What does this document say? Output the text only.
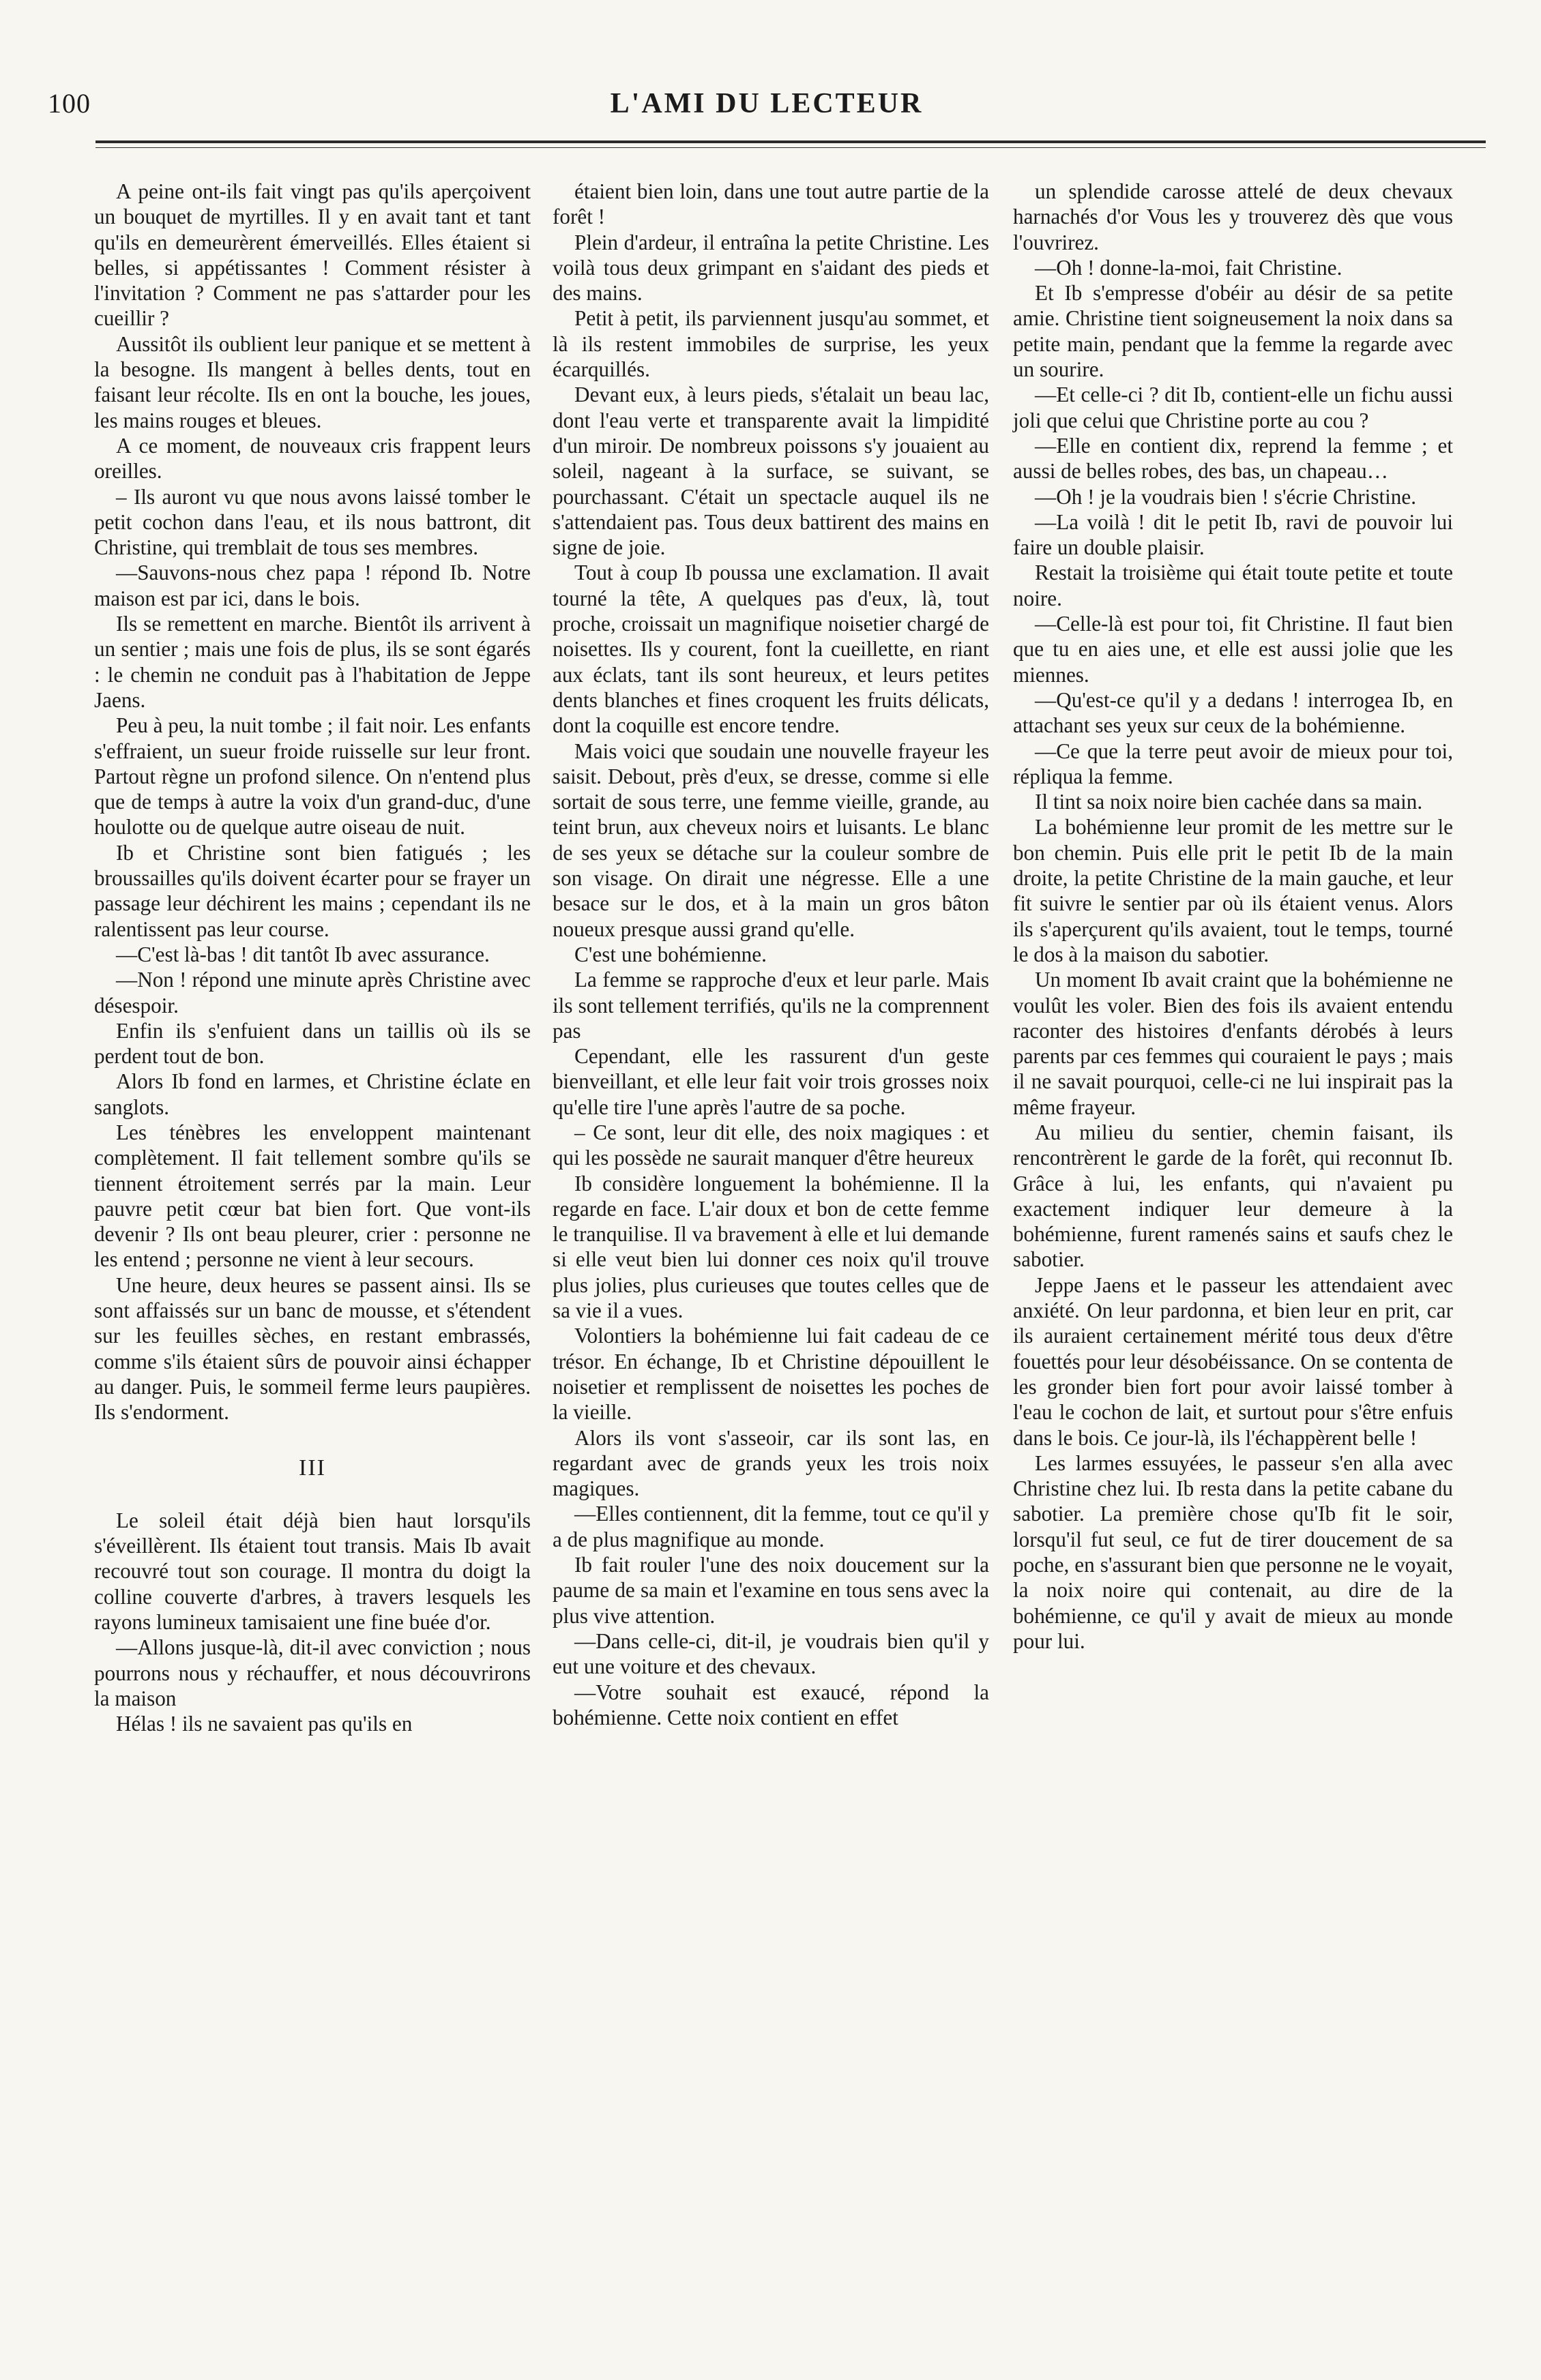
100	L'AMI DU LECTEUR

A peine ont-ils fait vingt pas qu'ils aperçoivent un bouquet de myrtilles. Il y en avait tant et tant qu'ils en demeurèrent émerveillés. Elles étaient si belles, si appétissantes ! Comment résister à l'invitation ? Comment ne pas s'attarder pour les cueillir ?

Aussitôt ils oublient leur panique et se mettent à la besogne. Ils mangent à belles dents, tout en faisant leur récolte. Ils en ont la bouche, les joues, les mains rouges et bleues.

A ce moment, de nouveaux cris frappent leurs oreilles.

– Ils auront vu que nous avons laissé tomber le petit cochon dans l'eau, et ils nous battront, dit Christine, qui tremblait de tous ses membres.

—Sauvons-nous chez papa ! répond Ib. Notre maison est par ici, dans le bois.

Ils se remettent en marche. Bientôt ils arrivent à un sentier ; mais une fois de plus, ils se sont égarés : le chemin ne conduit pas à l'habitation de Jeppe Jaens.

Peu à peu, la nuit tombe ; il fait noir. Les enfants s'effraient, un sueur froide ruisselle sur leur front. Partout règne un profond silence. On n'entend plus que de temps à autre la voix d'un grand-duc, d'une houlotte ou de quelque autre oiseau de nuit.

Ib et Christine sont bien fatigués ; les broussailles qu'ils doivent écarter pour se frayer un passage leur déchirent les mains ; cependant ils ne ralentissent pas leur course.

—C'est là-bas ! dit tantôt Ib avec assurance.

—Non ! répond une minute après Christine avec désespoir.

Enfin ils s'enfuient dans un taillis où ils se perdent tout de bon.

Alors Ib fond en larmes, et Christine éclate en sanglots.

Les ténèbres les enveloppent maintenant complètement. Il fait tellement sombre qu'ils se tiennent étroitement serrés par la main. Leur pauvre petit cœur bat bien fort. Que vont-ils devenir ? Ils ont beau pleurer, crier : personne ne les entend ; personne ne vient à leur secours.

Une heure, deux heures se passent ainsi. Ils se sont affaissés sur un banc de mousse, et s'étendent sur les feuilles sèches, en restant embrassés, comme s'ils étaient sûrs de pouvoir ainsi échapper au danger. Puis, le sommeil ferme leurs paupières. Ils s'endorment.

III

Le soleil était déjà bien haut lorsqu'ils s'éveillèrent. Ils étaient tout transis. Mais Ib avait recouvré tout son courage. Il montra du doigt la colline couverte d'arbres, à travers lesquels les rayons lumineux tamisaient une fine buée d'or.

—Allons jusque-là, dit-il avec conviction ; nous pourrons nous y réchauffer, et nous découvrirons la maison

Hélas ! ils ne savaient pas qu'ils en

étaient bien loin, dans une tout autre partie de la forêt !

Plein d'ardeur, il entraîna la petite Christine. Les voilà tous deux grimpant en s'aidant des pieds et des mains.

Petit à petit, ils parviennent jusqu'au sommet, et là ils restent immobiles de surprise, les yeux écarquillés.

Devant eux, à leurs pieds, s'étalait un beau lac, dont l'eau verte et transparente avait la limpidité d'un miroir. De nombreux poissons s'y jouaient au soleil, nageant à la surface, se suivant, se pourchassant. C'était un spectacle auquel ils ne s'attendaient pas. Tous deux battirent des mains en signe de joie.

Tout à coup Ib poussa une exclamation. Il avait tourné la tête, A quelques pas d'eux, là, tout proche, croissait un magnifique noisetier chargé de noisettes. Ils y courent, font la cueillette, en riant aux éclats, tant ils sont heureux, et leurs petites dents blanches et fines croquent les fruits délicats, dont la coquille est encore tendre.

Mais voici que soudain une nouvelle frayeur les saisit. Debout, près d'eux, se dresse, comme si elle sortait de sous terre, une femme vieille, grande, au teint brun, aux cheveux noirs et luisants. Le blanc de ses yeux se détache sur la couleur sombre de son visage. On dirait une négresse. Elle a une besace sur le dos, et à la main un gros bâton noueux presque aussi grand qu'elle.

C'est une bohémienne.

La femme se rapproche d'eux et leur parle. Mais ils sont tellement terrifiés, qu'ils ne la comprennent pas

Cependant, elle les rassurent d'un geste bienveillant, et elle leur fait voir trois grosses noix qu'elle tire l'une après l'autre de sa poche.

– Ce sont, leur dit elle, des noix magiques : et qui les possède ne saurait manquer d'être heureux

Ib considère longuement la bohémienne. Il la regarde en face. L'air doux et bon de cette femme le tranquilise. Il va bravement à elle et lui demande si elle veut bien lui donner ces noix qu'il trouve plus jolies, plus curieuses que toutes celles que de sa vie il a vues.

Volontiers la bohémienne lui fait cadeau de ce trésor. En échange, Ib et Christine dépouillent le noisetier et remplissent de noisettes les poches de la vieille.

Alors ils vont s'asseoir, car ils sont las, en regardant avec de grands yeux les trois noix magiques.

—Elles contiennent, dit la femme, tout ce qu'il y a de plus magnifique au monde.

Ib fait rouler l'une des noix doucement sur la paume de sa main et l'examine en tous sens avec la plus vive attention.

—Dans celle-ci, dit-il, je voudrais bien qu'il y eut une voiture et des chevaux.

—Votre souhait est exaucé, répond la bohémienne. Cette noix contient en effet

un splendide carosse attelé de deux chevaux harnachés d'or Vous les y trouverez dès que vous l'ouvrirez.

—Oh ! donne-la-moi, fait Christine.

Et Ib s'empresse d'obéir au désir de sa petite amie. Christine tient soigneusement la noix dans sa petite main, pendant que la femme la regarde avec un sourire.

—Et celle-ci ? dit Ib, contient-elle un fichu aussi joli que celui que Christine porte au cou ?

—Elle en contient dix, reprend la femme ; et aussi de belles robes, des bas, un chapeau…

—Oh ! je la voudrais bien ! s'écrie Christine.

—La voilà ! dit le petit Ib, ravi de pouvoir lui faire un double plaisir.

Restait la troisième qui était toute petite et toute noire.

—Celle-là est pour toi, fit Christine. Il faut bien que tu en aies une, et elle est aussi jolie que les miennes.

—Qu'est-ce qu'il y a dedans ! interrogea Ib, en attachant ses yeux sur ceux de la bohémienne.

—Ce que la terre peut avoir de mieux pour toi, répliqua la femme.

Il tint sa noix noire bien cachée dans sa main.

La bohémienne leur promit de les mettre sur le bon chemin. Puis elle prit le petit Ib de la main droite, la petite Christine de la main gauche, et leur fit suivre le sentier par où ils étaient venus. Alors ils s'aperçurent qu'ils avaient, tout le temps, tourné le dos à la maison du sabotier.

Un moment Ib avait craint que la bohémienne ne voulût les voler. Bien des fois ils avaient entendu raconter des histoires d'enfants dérobés à leurs parents par ces femmes qui couraient le pays ; mais il ne savait pourquoi, celle-ci ne lui inspirait pas la même frayeur.

Au milieu du sentier, chemin faisant, ils rencontrèrent le garde de la forêt, qui reconnut Ib. Grâce à lui, les enfants, qui n'avaient pu exactement indiquer leur demeure à la bohémienne, furent ramenés sains et saufs chez le sabotier.

Jeppe Jaens et le passeur les attendaient avec anxiété. On leur pardonna, et bien leur en prit, car ils auraient certainement mérité tous deux d'être fouettés pour leur désobéissance. On se contenta de les gronder bien fort pour avoir laissé tomber à l'eau le cochon de lait, et surtout pour s'être enfuis dans le bois. Ce jour-là, ils l'échappèrent belle !

Les larmes essuyées, le passeur s'en alla avec Christine chez lui. Ib resta dans la petite cabane du sabotier. La première chose qu'Ib fit le soir, lorsqu'il fut seul, ce fut de tirer doucement de sa poche, en s'assurant bien que personne ne le voyait, la noix noire qui contenait, au dire de la bohémienne, ce qu'il y avait de mieux au monde pour lui.
